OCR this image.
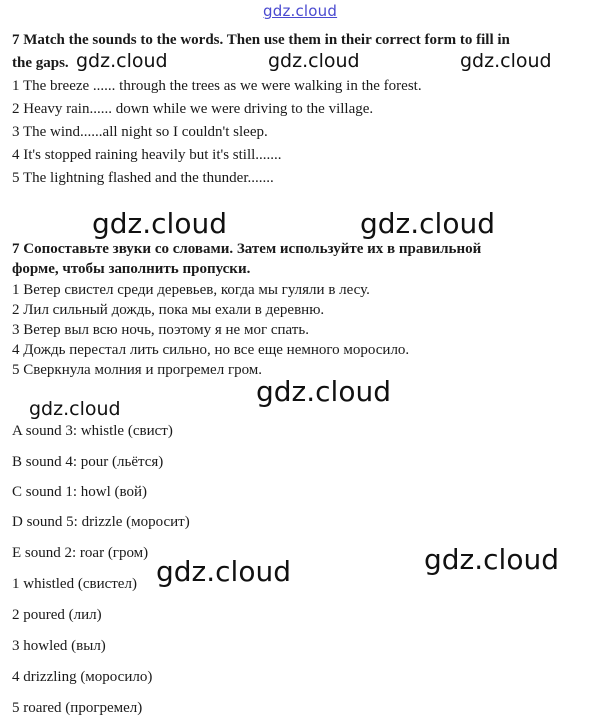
gdz.cloud
7 Match the sounds to the words. Then use them in their correct form to fill in
the gaps.
1 The breeze ...... through the trees as we were walking in the forest.
2 Heavy rain...... down while we were driving to the village.
3 The wind......all night so I couldn't sleep.
4 It's stopped raining heavily but it's still.......
5 The lightning flashed and the thunder.......
7 Сопоставьте звуки со словами. Затем используйте их в правильной
форме, чтобы заполнить пропуски.
1 Ветер свистел среди деревьев, когда мы гуляли в лесу.
2 Лил сильный дождь, пока мы ехали в деревню.
3 Ветер выл всю ночь, поэтому я не мог спать.
4 Дождь перестал лить сильно, но все еще немного моросило.
5 Сверкнула молния и прогремел гром.
A sound 3: whistle (свист)
B sound 4: pour (льётся)
C sound 1: howl (вой)
D sound 5: drizzle (моросит)
E sound 2: roar (гром)
1 whistled (свистел)
2 poured (лил)
3 howled (выл)
4 drizzling (моросило)
5 roared (прогремел)
gdz.cloud	gdz.cloud	gdz.cloud
gdz.cloud	gdz.cloud
gdz.cloud
gdz.cloud
gdz.cloud
gdz.cloud
